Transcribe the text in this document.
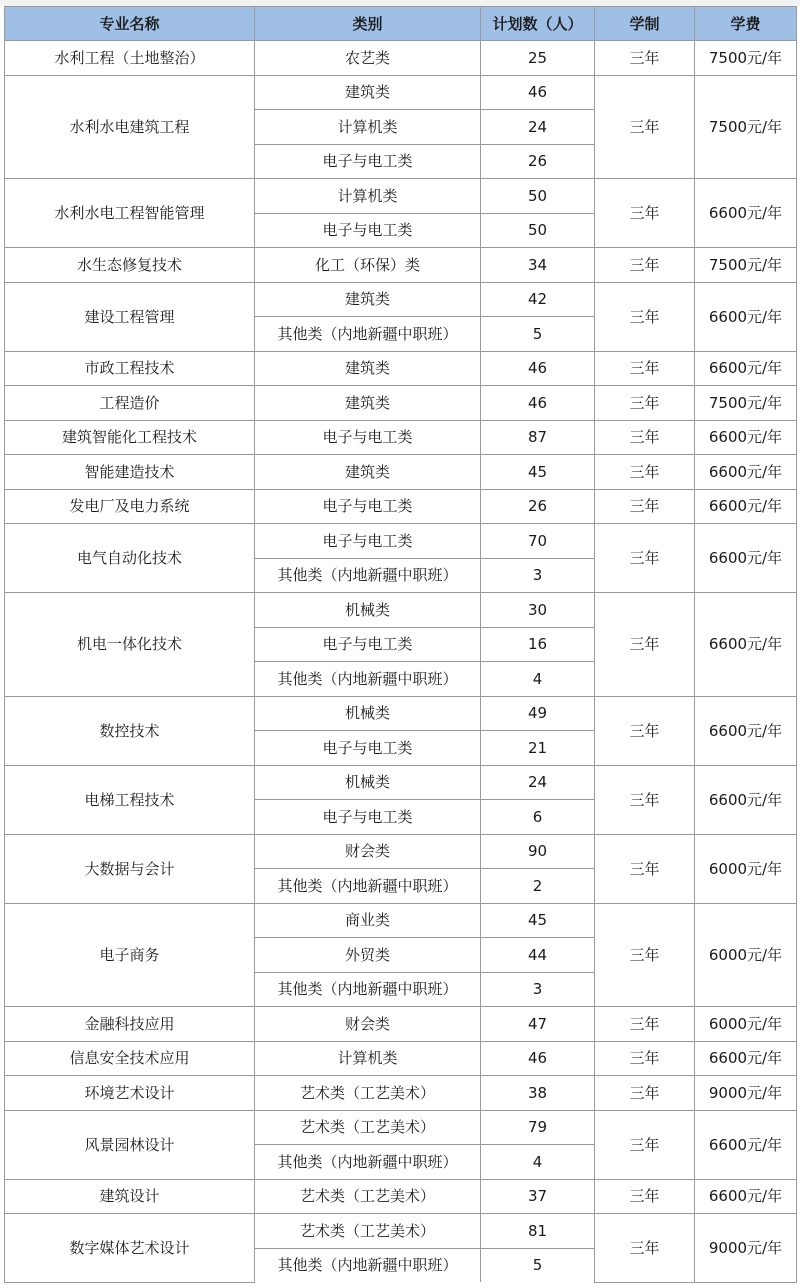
专业名称	类别	计划数（人）	学制	学费
水利工程（土地整治）	农艺类	25	三年	7500元/年
水利水电建筑工程	建筑类	46	三年	7500元/年
	计算机类	24		
	电子与电工类	26		
水利水电工程智能管理	计算机类	50	三年	6600元/年
	电子与电工类	50		
水生态修复技术	化工（环保）类	34	三年	7500元/年
建设工程管理	建筑类	42	三年	6600元/年
	其他类（内地新疆中职班）	5		
市政工程技术	建筑类	46	三年	6600元/年
工程造价	建筑类	46	三年	7500元/年
建筑智能化工程技术	电子与电工类	87	三年	6600元/年
智能建造技术	建筑类	45	三年	6600元/年
发电厂及电力系统	电子与电工类	26	三年	6600元/年
电气自动化技术	电子与电工类	70	三年	6600元/年
	其他类（内地新疆中职班）	3		
机电一体化技术	机械类	30	三年	6600元/年
	电子与电工类	16		
	其他类（内地新疆中职班）	4		
数控技术	机械类	49	三年	6600元/年
	电子与电工类	21		
电梯工程技术	机械类	24	三年	6600元/年
	电子与电工类	6		
大数据与会计	财会类	90	三年	6000元/年
	其他类（内地新疆中职班）	2		
电子商务	商业类	45	三年	6000元/年
	外贸类	44		
	其他类（内地新疆中职班）	3		
金融科技应用	财会类	47	三年	6000元/年
信息安全技术应用	计算机类	46	三年	6600元/年
环境艺术设计	艺术类（工艺美术）	38	三年	9000元/年
风景园林设计	艺术类（工艺美术）	79	三年	6600元/年
	其他类（内地新疆中职班）	4		
建筑设计	艺术类（工艺美术）	37	三年	6600元/年
数字媒体艺术设计	艺术类（工艺美术）	81	三年	9000元/年
	其他类（内地新疆中职班）	5		
